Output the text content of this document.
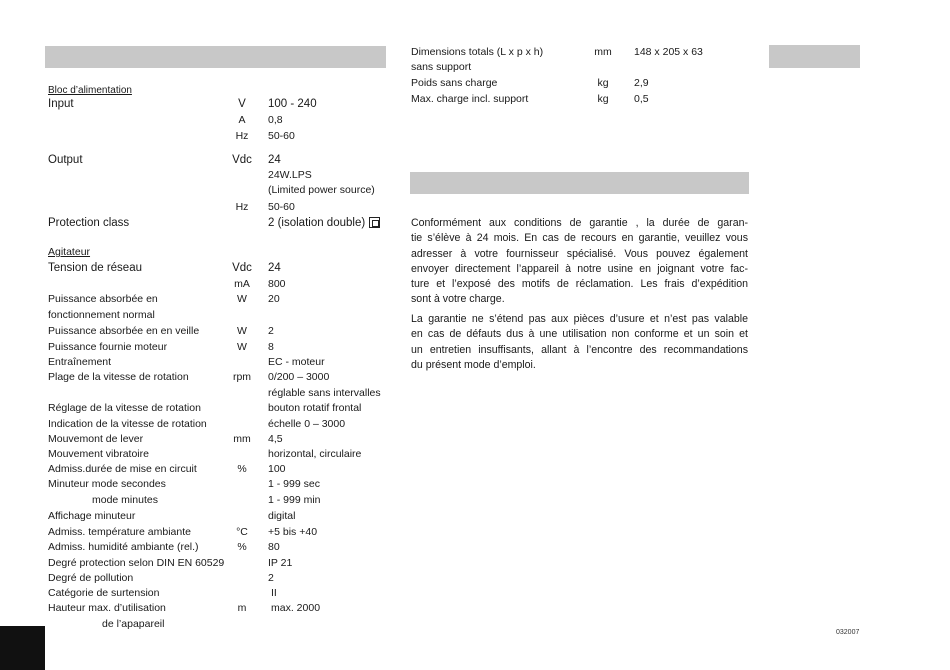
Bloc d’alimentation
Input	V	100 - 240
A	0,8
Hz	50-60
Output	Vdc	24
24W.LPS
(Limited power source)
Hz	50-60
Protection class	2 (isolation double)
Tension de réseau	Vdc	24
mA	800
Puissance absorbée en	W	20
fonctionnement normal
Puissance absorbée en en veille	W	2
Puissance fournie moteur	W	8
Entraînement	EC - moteur
Plage de la vitesse de rotation	rpm	0/200 – 3000
réglable sans intervalles
Réglage de la vitesse de rotation	bouton rotatif frontal
Indication de la vitesse de rotation	échelle 0 – 3000
Mouvemont de lever	mm	4,5
Mouvement vibratoire	horizontal, circulaire
Admiss.durée de mise en circuit	%	100
Minuteur mode secondes	1 - 999 sec
mode minutes	1 - 999 min
Affichage minuteur	digital
Admiss. température ambiante	°C	+5 bis +40
Admiss. humidité ambiante (rel.)	%	80
Degré protection selon DIN EN 60529	IP 21
Degré de pollution	2
Catégorie de surtension	II
Hauteur max. d’utilisation	m	max. 2000
de l’apapareil
Agitateur
Dimensions totals (L x p x h)	mm	148 x 205 x 63
sans support
Poids sans charge	kg	2,9
Max. charge incl. support	kg	0,5
Conformément aux conditions de garantie , la durée de garan-
tie s’élève à 24 mois. En cas de recours en garantie, veuillez vous
adresser à votre fournisseur spécialisé. Vous pouvez également
envoyer directement l’appareil à notre usine en joignant votre fac-
ture et l’exposé des motifs de réclamation. Les frais d’expédition
sont à votre charge.
La garantie ne s’étend pas aux pièces d’usure et n’est pas valable
en cas de défauts dus à une utilisation non conforme et un soin et
un entretien insuffisants, allant à l’encontre des recommandations
du présent mode d’emploi.
032007
